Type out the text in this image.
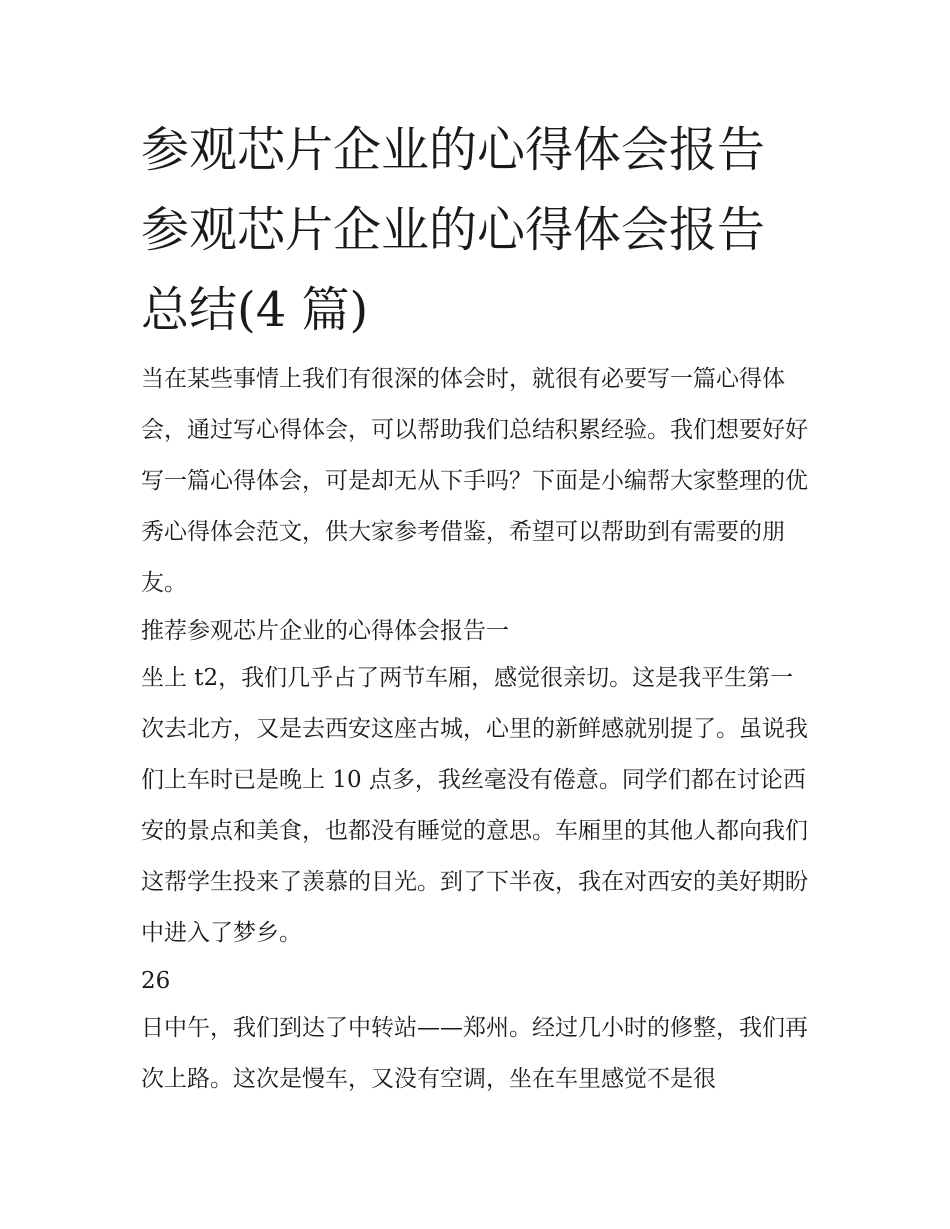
参观芯片企业的心得体会报告
参观芯片企业的心得体会报告
总结(4 篇)

当在某些事情上我们有很深的体会时，就很有必要写一篇心得体会，通过写心得体会，可以帮助我们总结积累经验。我们想要好好写一篇心得体会，可是却无从下手吗？下面是小编帮大家整理的优秀心得体会范文，供大家参考借鉴，希望可以帮助到有需要的朋友。

推荐参观芯片企业的心得体会报告一

坐上 t2，我们几乎占了两节车厢，感觉很亲切。这是我平生第一次去北方，又是去西安这座古城，心里的新鲜感就别提了。虽说我们上车时已是晚上 10 点多，我丝毫没有倦意。同学们都在讨论西安的景点和美食，也都没有睡觉的意思。车厢里的其他人都向我们这帮学生投来了羡慕的目光。到了下半夜，我在对西安的美好期盼中进入了梦乡。

26

日中午，我们到达了中转站——郑州。经过几小时的修整，我们再次上路。这次是慢车，又没有空调，坐在车里感觉不是很
